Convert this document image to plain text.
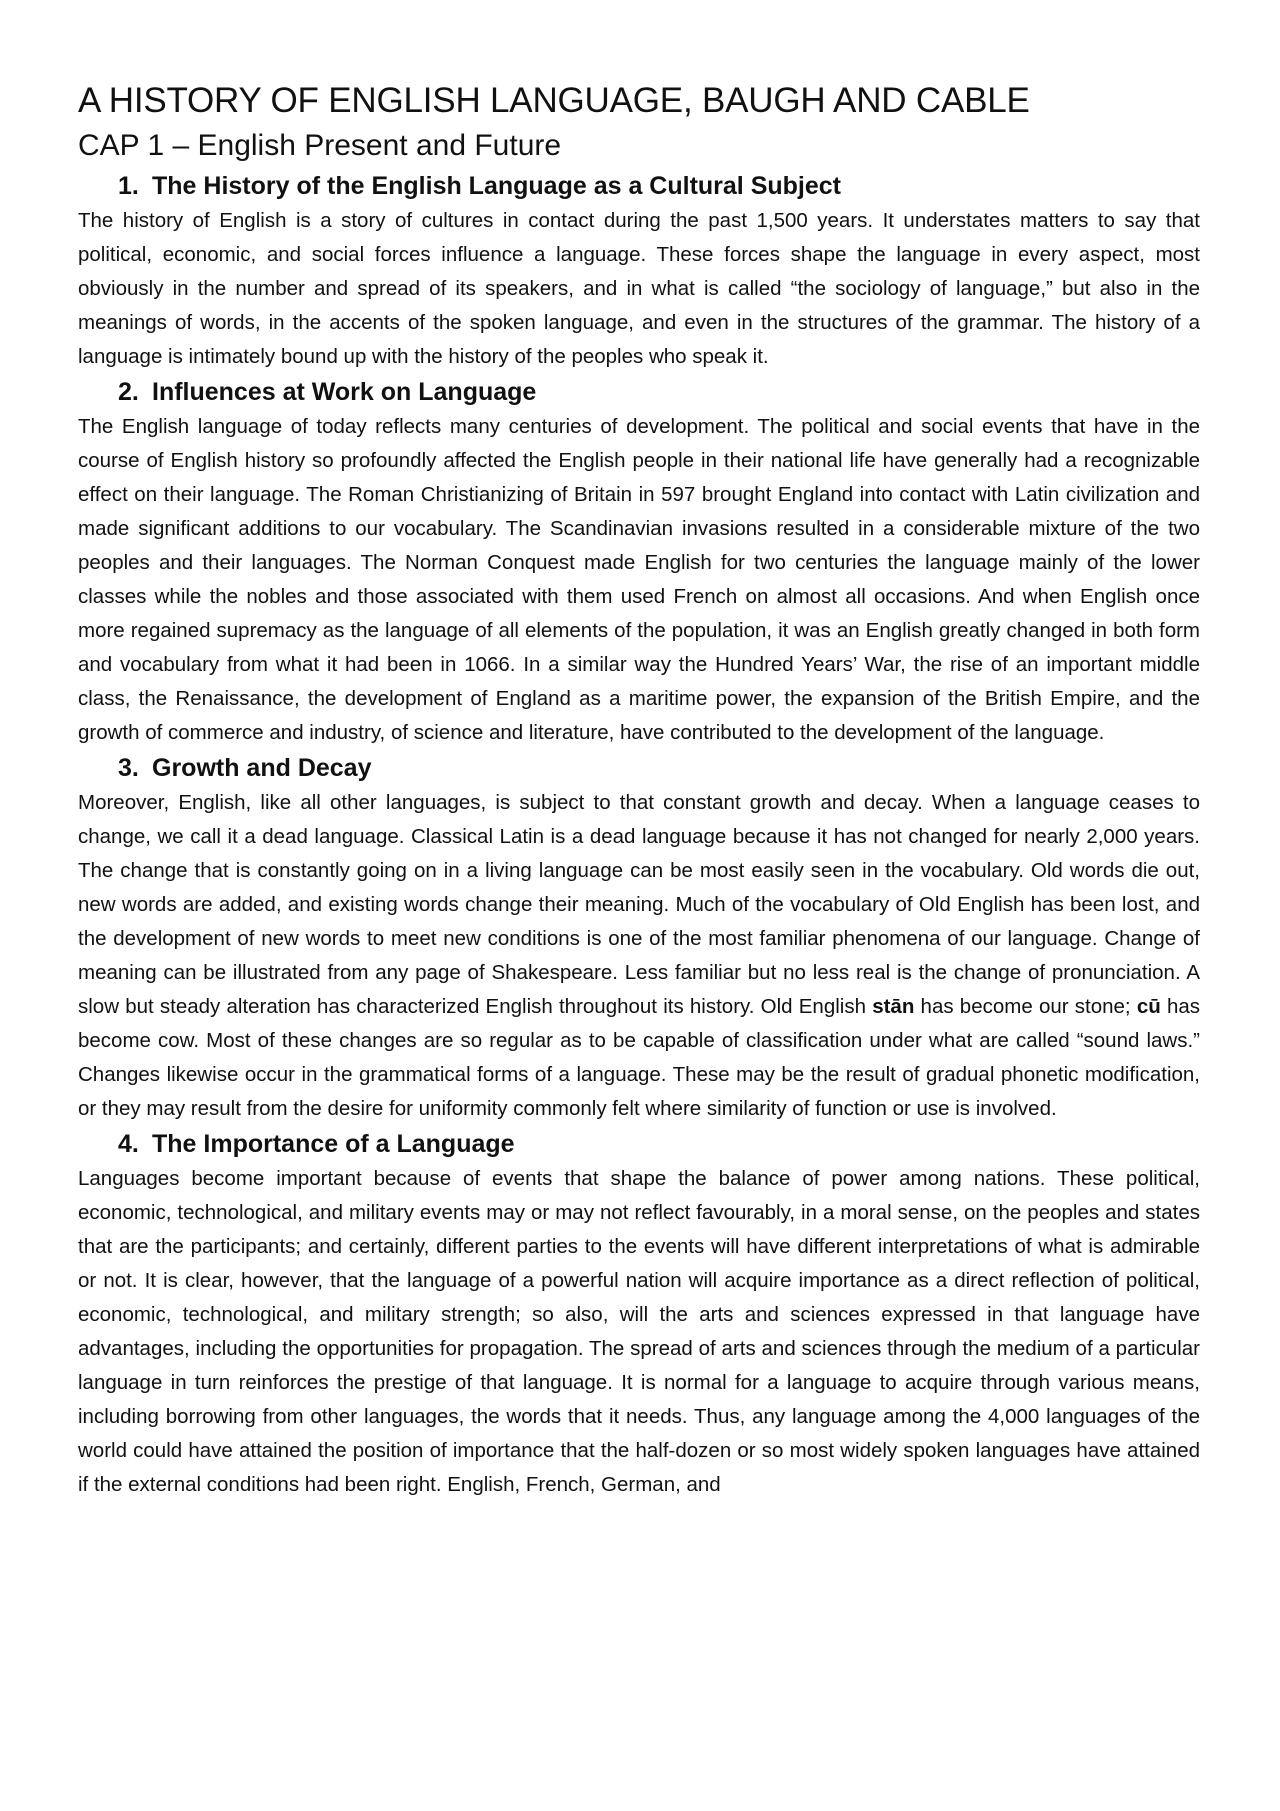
A HISTORY OF ENGLISH LANGUAGE, BAUGH AND CABLE
CAP 1 – English Present and Future
1. The History of the English Language as a Cultural Subject

The history of English is a story of cultures in contact during the past 1,500 years. It understates matters to say that political, economic, and social forces influence a language. These forces shape the language in every aspect, most obviously in the number and spread of its speakers, and in what is called “the sociology of language,” but also in the meanings of words, in the accents of the spoken language, and even in the structures of the grammar. The history of a language is intimately bound up with the history of the peoples who speak it.

2. Influences at Work on Language

The English language of today reflects many centuries of development. The political and social events that have in the course of English history so profoundly affected the English people in their national life have generally had a recognizable effect on their language. The Roman Christianizing of Britain in 597 brought England into contact with Latin civilization and made significant additions to our vocabulary. The Scandinavian invasions resulted in a considerable mixture of the two peoples and their languages. The Norman Conquest made English for two centuries the language mainly of the lower classes while the nobles and those associated with them used French on almost all occasions. And when English once more regained supremacy as the language of all elements of the population, it was an English greatly changed in both form and vocabulary from what it had been in 1066. In a similar way the Hundred Years’ War, the rise of an important middle class, the Renaissance, the development of England as a maritime power, the expansion of the British Empire, and the growth of commerce and industry, of science and literature, have contributed to the development of the language.

3. Growth and Decay

Moreover, English, like all other languages, is subject to that constant growth and decay. When a language ceases to change, we call it a dead language. Classical Latin is a dead language because it has not changed for nearly 2,000 years. The change that is constantly going on in a living language can be most easily seen in the vocabulary. Old words die out, new words are added, and existing words change their meaning. Much of the vocabulary of Old English has been lost, and the development of new words to meet new conditions is one of the most familiar phenomena of our language. Change of meaning can be illustrated from any page of Shakespeare. Less familiar but no less real is the change of pronunciation. A slow but steady alteration has characterized English throughout its history. Old English stān has become our stone; cū has become cow. Most of these changes are so regular as to be capable of classification under what are called “sound laws.” Changes likewise occur in the grammatical forms of a language. These may be the result of gradual phonetic modification, or they may result from the desire for uniformity commonly felt where similarity of function or use is involved.

4. The Importance of a Language

Languages become important because of events that shape the balance of power among nations. These political, economic, technological, and military events may or may not reflect favourably, in a moral sense, on the peoples and states that are the participants; and certainly, different parties to the events will have different interpretations of what is admirable or not. It is clear, however, that the language of a powerful nation will acquire importance as a direct reflection of political, economic, technological, and military strength; so also, will the arts and sciences expressed in that language have advantages, including the opportunities for propagation. The spread of arts and sciences through the medium of a particular language in turn reinforces the prestige of that language. It is normal for a language to acquire through various means, including borrowing from other languages, the words that it needs. Thus, any language among the 4,000 languages of the world could have attained the position of importance that the half-dozen or so most widely spoken languages have attained if the external conditions had been right. English, French, German, and
